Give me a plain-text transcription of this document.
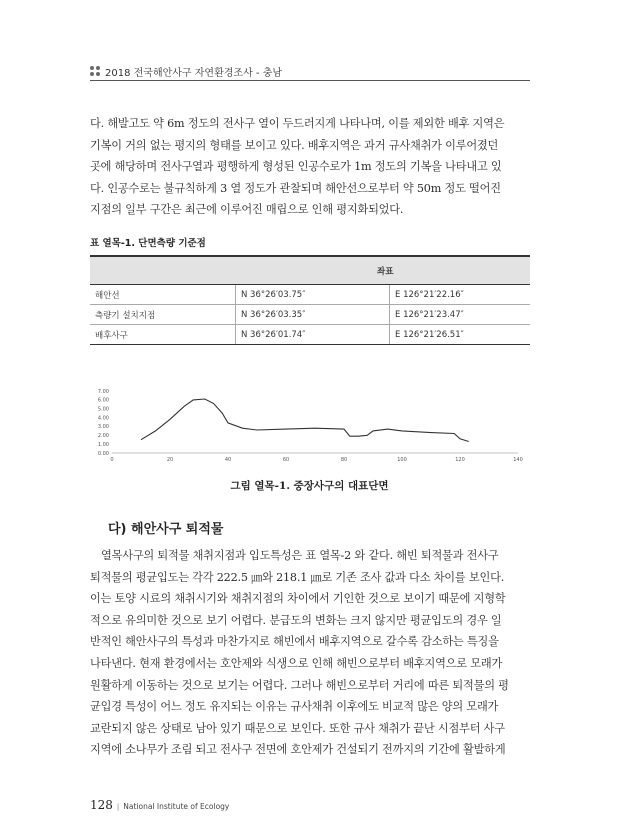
2018 전국해안사구 자연환경조사 - 충남

다. 해발고도 약 6m 정도의 전사구 열이 두드러지게 나타나며, 이를 제외한 배후 지역은

기복이 거의 없는 평지의 형태를 보이고 있다. 배후지역은 과거 규사채취가 이루어졌던

곳에 해당하며 전사구열과 평행하게 형성된 인공수로가 1m 정도의 기복을 나타내고 있

다. 인공수로는 불규칙하게 3 열 정도가 관찰되며 해안선으로부터 약 50m 정도 떨어진

지점의 일부 구간은 최근에 이루어진 매립으로 인해 평지화되었다.

표 열목-1. 단면측량 기준점
	좌표	
해안선	N 36°26′03.75″	E 126°21′22.16″
측량기 설치지점	N 36°26′03.35″	E 126°21′23.47″
배후사구	N 36°26′01.74″	E 126°21′26.51″
0.00
1.00
2.00
3.00
4.00
5.00
6.00
7.00
0	20	40	60	80	100	120	140
그림 열목-1. 중장사구의 대표단면
다) 해안사구 퇴적물

열목사구의 퇴적물 채취지점과 입도특성은 표 열목-2 와 같다. 해빈 퇴적물과 전사구

퇴적물의 평균입도는 각각 222.5 ㎛와 218.1 ㎛로 기존 조사 값과 다소 차이를 보인다.

이는 토양 시료의 채취시기와 채취지점의 차이에서 기인한 것으로 보이기 때문에 지형학

적으로 유의미한 것으로 보기 어렵다. 분급도의 변화는 크지 않지만 평균입도의 경우 일

반적인 해안사구의 특성과 마찬가지로 해빈에서 배후지역으로 갈수록 감소하는 특징을

나타낸다. 현재 환경에서는 호안제와 식생으로 인해 해빈으로부터 배후지역으로 모래가

원활하게 이동하는 것으로 보기는 어렵다. 그러나 해빈으로부터 거리에 따른 퇴적물의 평

균입경 특성이 어느 정도 유지되는 이유는 규사채취 이후에도 비교적 많은 양의 모래가

교란되지 않은 상태로 남아 있기 때문으로 보인다. 또한 규사 채취가 끝난 시점부터 사구

지역에 소나무가 조림 되고 전사구 전면에 호안제가 건설되기 전까지의 기간에 활발하게

128 | National Institute of Ecology
